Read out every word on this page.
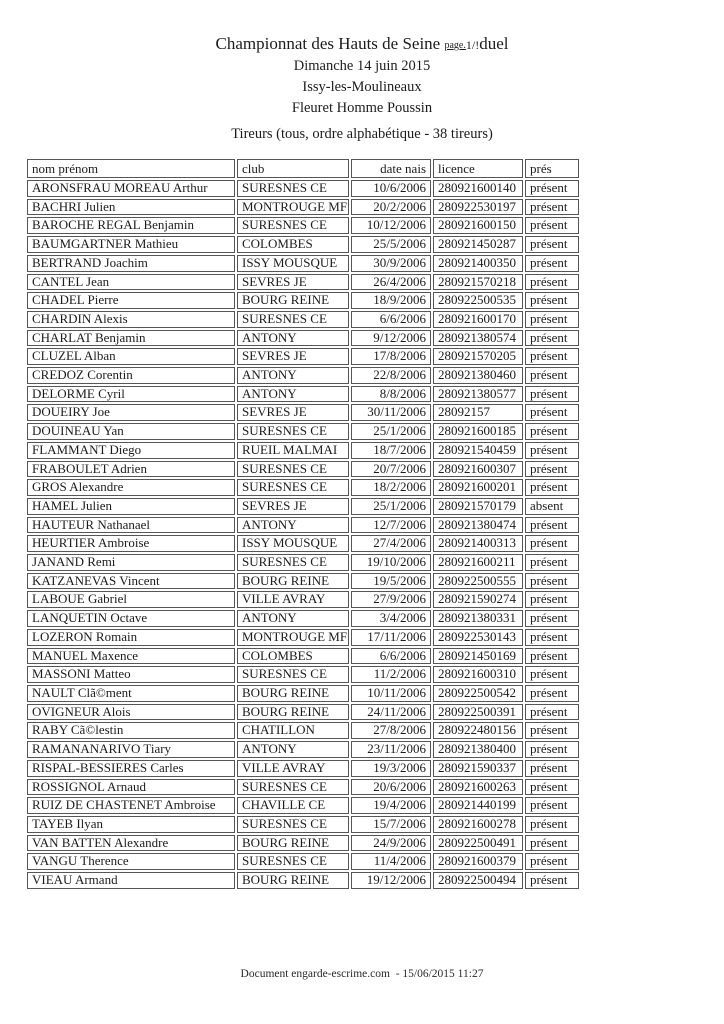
Championnat des Hauts de Seine page.1/!duel
Dimanche 14 juin 2015
Issy-les-Moulineaux
Fleuret Homme Poussin
Tireurs (tous, ordre alphabétique - 38 tireurs)
nom prénom	club	date nais	licence	prés
ARONSFRAU MOREAU Arthur	SURESNES CE	10/6/2006	280921600140	présent
BACHRI Julien	MONTROUGE MF	20/2/2006	280922530197	présent
BAROCHE REGAL Benjamin	SURESNES CE	10/12/2006	280921600150	présent
BAUMGARTNER Mathieu	COLOMBES	25/5/2006	280921450287	présent
BERTRAND Joachim	ISSY MOUSQUE	30/9/2006	280921400350	présent
CANTEL Jean	SEVRES JE	26/4/2006	280921570218	présent
CHADEL Pierre	BOURG REINE	18/9/2006	280922500535	présent
CHARDIN Alexis	SURESNES CE	6/6/2006	280921600170	présent
CHARLAT Benjamin	ANTONY	9/12/2006	280921380574	présent
CLUZEL Alban	SEVRES JE	17/8/2006	280921570205	présent
CREDOZ Corentin	ANTONY	22/8/2006	280921380460	présent
DELORME Cyril	ANTONY	8/8/2006	280921380577	présent
DOUEIRY Joe	SEVRES JE	30/11/2006	28092157	présent
DOUINEAU Yan	SURESNES CE	25/1/2006	280921600185	présent
FLAMMANT Diego	RUEIL MALMAI	18/7/2006	280921540459	présent
FRABOULET Adrien	SURESNES CE	20/7/2006	280921600307	présent
GROS Alexandre	SURESNES CE	18/2/2006	280921600201	présent
HAMEL Julien	SEVRES JE	25/1/2006	280921570179	absent
HAUTEUR Nathanael	ANTONY	12/7/2006	280921380474	présent
HEURTIER Ambroise	ISSY MOUSQUE	27/4/2006	280921400313	présent
JANAND Remi	SURESNES CE	19/10/2006	280921600211	présent
KATZANEVAS Vincent	BOURG REINE	19/5/2006	280922500555	présent
LABOUE Gabriel	VILLE AVRAY	27/9/2006	280921590274	présent
LANQUETIN Octave	ANTONY	3/4/2006	280921380331	présent
LOZERON Romain	MONTROUGE MF	17/11/2006	280922530143	présent
MANUEL Maxence	COLOMBES	6/6/2006	280921450169	présent
MASSONI Matteo	SURESNES CE	11/2/2006	280921600310	présent
NAULT Clã©ment	BOURG REINE	10/11/2006	280922500542	présent
OVIGNEUR Alois	BOURG REINE	24/11/2006	280922500391	présent
RABY Cã©lestin	CHATILLON	27/8/2006	280922480156	présent
RAMANANARIVO Tiary	ANTONY	23/11/2006	280921380400	présent
RISPAL-BESSIERES Carles	VILLE AVRAY	19/3/2006	280921590337	présent
ROSSIGNOL Arnaud	SURESNES CE	20/6/2006	280921600263	présent
RUIZ DE CHASTENET Ambroise	CHAVILLE CE	19/4/2006	280921440199	présent
TAYEB Ilyan	SURESNES CE	15/7/2006	280921600278	présent
VAN BATTEN Alexandre	BOURG REINE	24/9/2006	280922500491	présent
VANGU Therence	SURESNES CE	11/4/2006	280921600379	présent
VIEAU Armand	BOURG REINE	19/12/2006	280922500494	présent
Document engarde-escrime.com  - 15/06/2015 11:27
